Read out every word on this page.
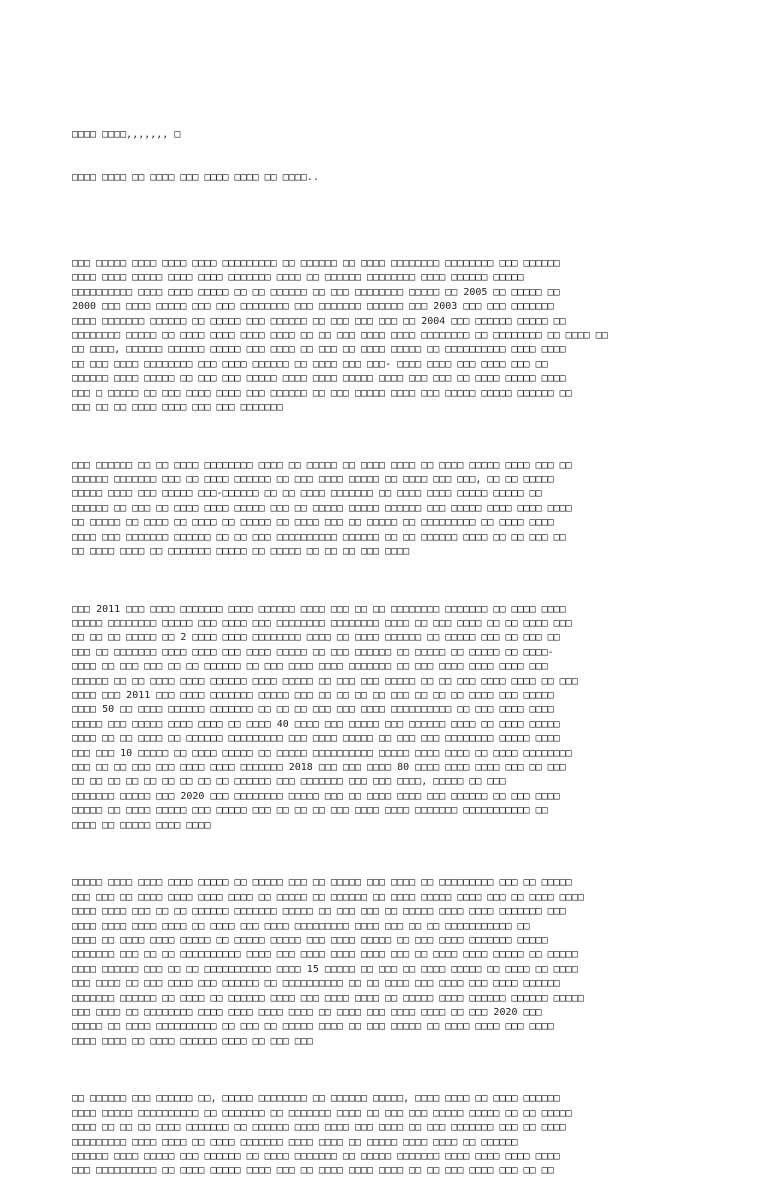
□□□□ □□□□,,,,,,, □

□□□□ □□□□ □□ □□□□ □□□ □□□□ □□□□ □□ □□□□..

□□□ □□□□□ □□□□ □□□□ □□□□ □□□□□□□□□ □□ □□□□□□ □□ □□□□ □□□□□□□□ □□□□□□□□ □□□ □□□□□□
□□□□ □□□□ □□□□□ □□□□ □□□□ □□□□□□□ □□□□ □□ □□□□□□ □□□□□□□□ □□□□ □□□□□□ □□□□□
□□□□□□□□□□ □□□□ □□□□ □□□□□ □□ □□ □□□□□□ □□ □□□ □□□□□□□□ □□□□□ □□ 2005 □□ □□□□□ □□
2000 □□□ □□□□ □□□□□ □□□ □□□ □□□□□□□□ □□□ □□□□□□□ □□□□□□ □□□ 2003 □□□ □□□ □□□□□□□
□□□□ □□□□□□□ □□□□□□ □□ □□□□□ □□□ □□□□□□ □□ □□□ □□□ □□□ □□ 2004 □□□ □□□□□□ □□□□□ □□
□□□□□□□□ □□□□□ □□ □□□□ □□□□ □□□□ □□□□ □□ □□ □□□ □□□□ □□□□ □□□□□□□□ □□ □□□□□□□□ □□ □□□□ □□
□□ □□□□, □□□□□□ □□□□□□ □□□□□ □□□ □□□□ □□ □□□ □□ □□□□ □□□□□ □□ □□□□□□□□□□ □□□□ □□□□
□□ □□□ □□□□ □□□□□□□□ □□□ □□□□ □□□□□□ □□ □□□□ □□□ □□□- □□□□ □□□□ □□□ □□□□ □□□ □□
□□□□□□ □□□□ □□□□□ □□ □□□ □□□ □□□□□ □□□□ □□□□ □□□□□ □□□□ □□□ □□□ □□ □□□□ □□□□□ □□□□
□□□ □ □□□□□ □□ □□□ □□□□ □□□□ □□□ □□□□□□ □□ □□□ □□□□□ □□□□ □□□ □□□□□ □□□□□ □□□□□□ □□
□□□ □□ □□ □□□□ □□□□ □□□ □□□ □□□□□□□

□□□ □□□□□□ □□ □□ □□□□ □□□□□□□□ □□□□ □□ □□□□□ □□ □□□□ □□□□ □□ □□□□ □□□□□ □□□□ □□□ □□
□□□□□□ □□□□□□□ □□□ □□ □□□□ □□□□□□ □□ □□□ □□□□ □□□□□ □□ □□□□ □□□ □□□, □□ □□ □□□□□
□□□□□ □□□□ □□□ □□□□□ □□□-□□□□□□ □□ □□ □□□□ □□□□□□□ □□ □□□□ □□□□ □□□□□ □□□□□ □□
□□□□□□ □□ □□□ □□ □□□□ □□□□ □□□□□ □□□ □□ □□□□□ □□□□□ □□□□□□ □□□ □□□□□ □□□□ □□□□ □□□□
□□ □□□□□ □□ □□□□ □□ □□□□ □□ □□□□□ □□ □□□□ □□□ □□ □□□□□ □□ □□□□□□□□□ □□ □□□□ □□□□
□□□□ □□□ □□□□□□□ □□□□□□ □□ □□ □□□ □□□□□□□□□□ □□□□□□ □□ □□ □□□□□□ □□□□ □□ □□ □□□ □□
□□ □□□□ □□□□ □□ □□□□□□□ □□□□□ □□ □□□□□ □□ □□ □□ □□□ □□□□

□□□ 2011 □□□ □□□□ □□□□□□□ □□□□ □□□□□□ □□□□ □□□ □□ □□ □□□□□□□□ □□□□□□□ □□ □□□□ □□□□
□□□□□ □□□□□□□□ □□□□□ □□□ □□□□ □□□ □□□□□□□□ □□□□□□□□ □□□□ □□ □□□ □□□□ □□ □□ □□□□ □□□
□□ □□ □□ □□□□□ □□ 2 □□□□ □□□□ □□□□□□□□ □□□□ □□ □□□□ □□□□□□ □□ □□□□□ □□□ □□ □□□ □□
□□□ □□ □□□□□□□ □□□□ □□□□ □□□ □□□□ □□□□□ □□ □□□ □□□□□□ □□ □□□□□ □□ □□□□□ □□ □□□□-
□□□□ □□ □□□ □□□ □□ □□ □□□□□□ □□ □□□ □□□□ □□□□ □□□□□□□ □□ □□□ □□□□ □□□□ □□□□ □□□
□□□□□□ □□ □□ □□□□ □□□□ □□□□□□ □□□□ □□□□□ □□ □□□ □□□ □□□□□ □□ □□ □□□ □□□□ □□□□ □□ □□□
□□□□ □□□ 2011 □□□ □□□□ □□□□□□□ □□□□□ □□□ □□ □□ □□ □□ □□□ □□ □□ □□ □□□□ □□□ □□□□□
□□□□ 50 □□ □□□□ □□□□□□ □□□□□□□ □□ □□ □□ □□□ □□□ □□□□ □□□□□□□□□□ □□ □□□ □□□□ □□□□
□□□□□ □□□ □□□□□ □□□□ □□□□ □□ □□□□ 40 □□□□ □□□ □□□□□ □□□ □□□□□□ □□□□ □□ □□□□ □□□□□
□□□□ □□ □□ □□□□ □□ □□□□□□ □□□□□□□□□ □□□ □□□□ □□□□□ □□ □□□ □□□ □□□□□□□□ □□□□□ □□□□
□□□ □□□ 10 □□□□□ □□ □□□□ □□□□□ □□ □□□□□ □□□□□□□□□□ □□□□□ □□□□ □□□□ □□ □□□□ □□□□□□□□
□□□ □□ □□ □□□ □□□ □□□□ □□□□ □□□□□□□ 2018 □□□ □□□ □□□□ 80 □□□□ □□□□ □□□□ □□□ □□ □□□
□□ □□ □□ □□ □□ □□ □□ □□ □□ □□□□□□ □□□ □□□□□□□ □□□ □□□ □□□□, □□□□□ □□ □□□
□□□□□□□ □□□□□ □□□ 2020 □□□ □□□□□□□□ □□□□□ □□□ □□ □□□□ □□□□ □□□ □□□□□□ □□ □□□ □□□□
□□□□□ □□ □□□□ □□□□□ □□□ □□□□□ □□□ □□ □□ □□ □□□ □□□□ □□□□ □□□□□□□ □□□□□□□□□□□ □□
□□□□ □□ □□□□□ □□□□ □□□□

□□□□□ □□□□ □□□□ □□□□ □□□□□ □□ □□□□□ □□□ □□ □□□□□ □□□ □□□□ □□ □□□□□□□□□ □□□ □□ □□□□□
□□□ □□□ □□ □□□□ □□□□ □□□□ □□□□ □□ □□□□□ □□ □□□□□□ □□ □□□□ □□□□□ □□□□ □□□ □□ □□□□ □□□□
□□□□ □□□□ □□□ □□ □□ □□□□□□ □□□□□□□ □□□□□ □□ □□□ □□□ □□ □□□□□ □□□□ □□□□ □□□□□□□ □□□
□□□□ □□□□ □□□□ □□□□ □□ □□□□ □□□ □□□□ □□□□□□□□□ □□□□ □□□ □□ □□ □□□□□□□□□□□ □□
□□□□ □□ □□□□ □□□□ □□□□□ □□ □□□□□ □□□□□ □□□ □□□□ □□□□□ □□ □□□ □□□□ □□□□□□□ □□□□□
□□□□□□□ □□□ □□ □□ □□□□□□□□□□ □□□□ □□□ □□□□ □□□□ □□□□ □□□ □□ □□□□ □□□□ □□□□□ □□ □□□□□
□□□□ □□□□□□ □□□ □□ □□ □□□□□□□□□□□ □□□□ 15 □□□□□ □□ □□□ □□ □□□□ □□□□□ □□ □□□□ □□ □□□□
□□□ □□□□ □□ □□□ □□□□ □□□ □□□□□□ □□ □□□□□□□□□□ □□ □□ □□□□ □□□ □□□□ □□□ □□□□ □□□□□□
□□□□□□□ □□□□□□ □□ □□□□ □□ □□□□□□ □□□□ □□□ □□□□ □□□□ □□ □□□□□ □□□□ □□□□□□ □□□□□□ □□□□□
□□□ □□□□ □□ □□□□□□□□ □□□□ □□□□ □□□□ □□□□ □□ □□□□ □□□ □□□□ □□□□ □□ □□□ 2020 □□□
□□□□□ □□ □□□□ □□□□□□□□□□ □□ □□□ □□ □□□□□ □□□□ □□ □□□ □□□□□ □□ □□□□ □□□□ □□□ □□□□
□□□□ □□□□ □□ □□□□ □□□□□□ □□□□ □□ □□□ □□□

□□ □□□□□□ □□□ □□□□□□ □□, □□□□□ □□□□□□□□ □□ □□□□□□ □□□□□, □□□□ □□□□ □□ □□□□ □□□□□□
□□□□ □□□□□ □□□□□□□□□□ □□ □□□□□□□ □□ □□□□□□□ □□□□ □□ □□□ □□□ □□□□□ □□□□□ □□ □□ □□□□□
□□□□ □□ □□ □□ □□□□ □□□□□□□ □□ □□□□□□ □□□□ □□□□ □□□ □□□□ □□ □□□ □□□□□□□ □□□ □□ □□□□
□□□□□□□□□ □□□□ □□□□ □□ □□□□ □□□□□□□ □□□□ □□□□ □□ □□□□□ □□□□ □□□□ □□ □□□□□□
□□□□□□ □□□□ □□□□□ □□□ □□□□□□ □□ □□□□ □□□□□□□ □□ □□□□□ □□□□□□□ □□□□ □□□□ □□□□ □□□□
□□□ □□□□□□□□□□ □□ □□□□ □□□□□ □□□□ □□□ □□ □□□□ □□□□ □□□□ □□ □□ □□□ □□□□ □□□ □□ □□
